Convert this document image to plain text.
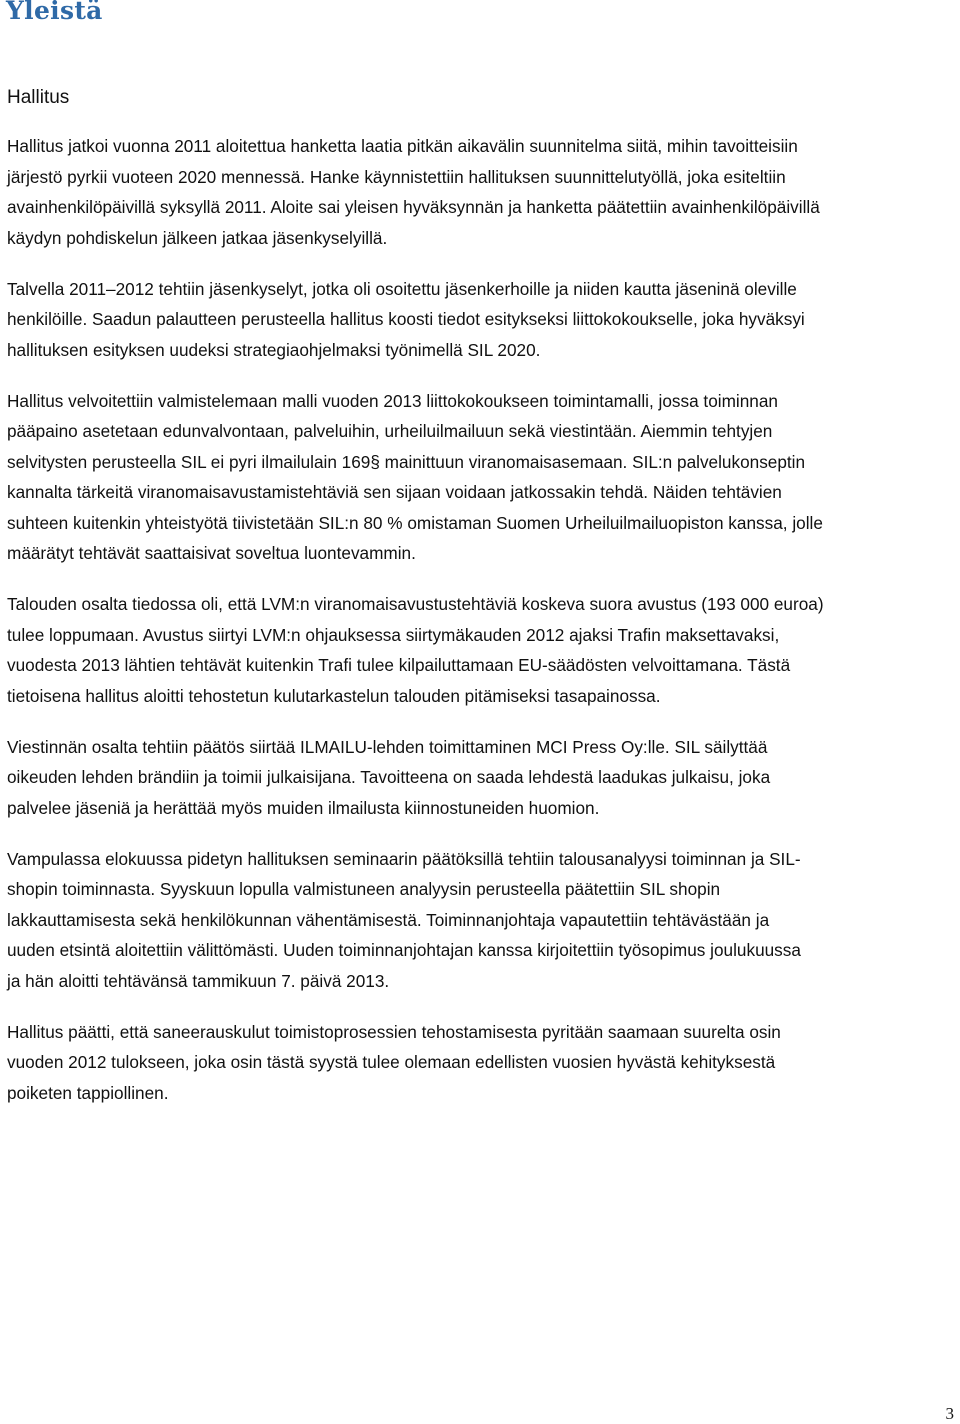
Yleistä
Hallitus

Hallitus jatkoi vuonna 2011 aloitettua hanketta laatia pitkän aikavälin suunnitelma siitä, mihin tavoitteisiin
järjestö pyrkii vuoteen 2020 mennessä. Hanke käynnistettiin hallituksen suunnittelutyöllä, joka esiteltiin
avainhenkilöpäivillä syksyllä 2011. Aloite sai yleisen hyväksynnän ja hanketta päätettiin avainhenkilöpäivillä
käydyn pohdiskelun jälkeen jatkaa jäsenkyselyillä.

Talvella 2011–2012 tehtiin jäsenkyselyt, jotka oli osoitettu jäsenkerhoille ja niiden kautta jäseninä oleville
henkilöille. Saadun palautteen perusteella hallitus koosti tiedot esitykseksi liittokokoukselle, joka hyväksyi
hallituksen esityksen uudeksi strategiaohjelmaksi työnimellä SIL 2020.

Hallitus velvoitettiin valmistelemaan malli vuoden 2013 liittokokoukseen toimintamalli, jossa toiminnan
pääpaino asetetaan edunvalvontaan, palveluihin, urheiluilmailuun sekä viestintään. Aiemmin tehtyjen
selvitysten perusteella SIL ei pyri ilmailulain 169§ mainittuun viranomaisasemaan. SIL:n palvelukonseptin
kannalta tärkeitä viranomaisavustamistehtäviä sen sijaan voidaan jatkossakin tehdä. Näiden tehtävien
suhteen kuitenkin yhteistyötä tiivistetään SIL:n 80 % omistaman Suomen Urheiluilmailuopiston kanssa, jolle
määrätyt tehtävät saattaisivat soveltua luontevammin.

Talouden osalta tiedossa oli, että LVM:n viranomaisavustustehtäviä koskeva suora avustus (193 000 euroa)
tulee loppumaan. Avustus siirtyi LVM:n ohjauksessa siirtymäkauden 2012 ajaksi Trafin maksettavaksi,
vuodesta 2013 lähtien tehtävät kuitenkin Trafi tulee kilpailuttamaan EU-säädösten velvoittamana. Tästä
tietoisena hallitus aloitti tehostetun kulutarkastelun talouden pitämiseksi tasapainossa.

Viestinnän osalta tehtiin päätös siirtää ILMAILU-lehden toimittaminen MCI Press Oy:lle. SIL säilyttää
oikeuden lehden brändiin ja toimii julkaisijana. Tavoitteena on saada lehdestä laadukas julkaisu, joka
palvelee jäseniä ja herättää myös muiden ilmailusta kiinnostuneiden huomion.

Vampulassa elokuussa pidetyn hallituksen seminaarin päätöksillä tehtiin talousanalyysi toiminnan ja SIL-
shopin toiminnasta. Syyskuun lopulla valmistuneen analyysin perusteella päätettiin SIL shopin
lakkauttamisesta sekä henkilökunnan vähentämisestä. Toiminnanjohtaja vapautettiin tehtävästään ja
uuden etsintä aloitettiin välittömästi. Uuden toiminnanjohtajan kanssa kirjoitettiin työsopimus joulukuussa
ja hän aloitti tehtävänsä tammikuun 7. päivä 2013.

Hallitus päätti, että saneerauskulut toimistoprosessien tehostamisesta pyritään saamaan suurelta osin
vuoden 2012 tulokseen, joka osin tästä syystä tulee olemaan edellisten vuosien hyvästä kehityksestä
poiketen tappiollinen.

3
